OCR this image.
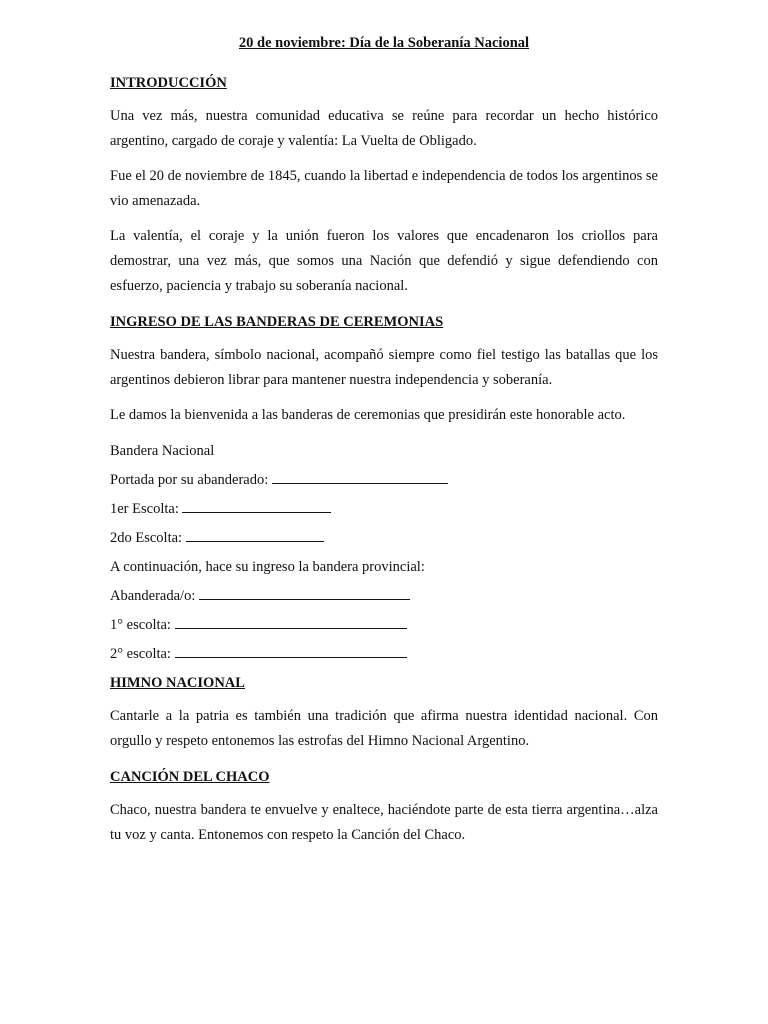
20 de noviembre: Día de la Soberanía Nacional
INTRODUCCIÓN

Una vez más, nuestra comunidad educativa se reúne para recordar un hecho histórico argentino, cargado de coraje y valentía: La Vuelta de Obligado.

Fue el 20 de noviembre de 1845, cuando la libertad e independencia de todos los argentinos se vio amenazada.

La valentía, el coraje y la unión fueron los valores que encadenaron los criollos para demostrar, una vez más, que somos una Nación que defendió y sigue defendiendo con esfuerzo, paciencia y trabajo su soberanía nacional.

INGRESO DE LAS BANDERAS DE CEREMONIAS

Nuestra bandera, símbolo nacional, acompañó siempre como fiel testigo las batallas que los argentinos debieron librar para mantener nuestra independencia y soberanía.

Le damos la bienvenida a las banderas de ceremonias que presidirán este honorable acto.

Bandera Nacional
Portada por su abanderado:
1er Escolta:
2do Escolta:
A continuación, hace su ingreso la bandera provincial:
Abanderada/o:
1° escolta:
2° escolta:
HIMNO NACIONAL

Cantarle a la patria es también una tradición que afirma nuestra identidad nacional. Con orgullo y respeto entonemos las estrofas del Himno Nacional Argentino.

CANCIÓN DEL CHACO

Chaco, nuestra bandera te envuelve y enaltece, haciéndote parte de esta tierra argentina…alza tu voz y canta. Entonemos con respeto la Canción del Chaco.
